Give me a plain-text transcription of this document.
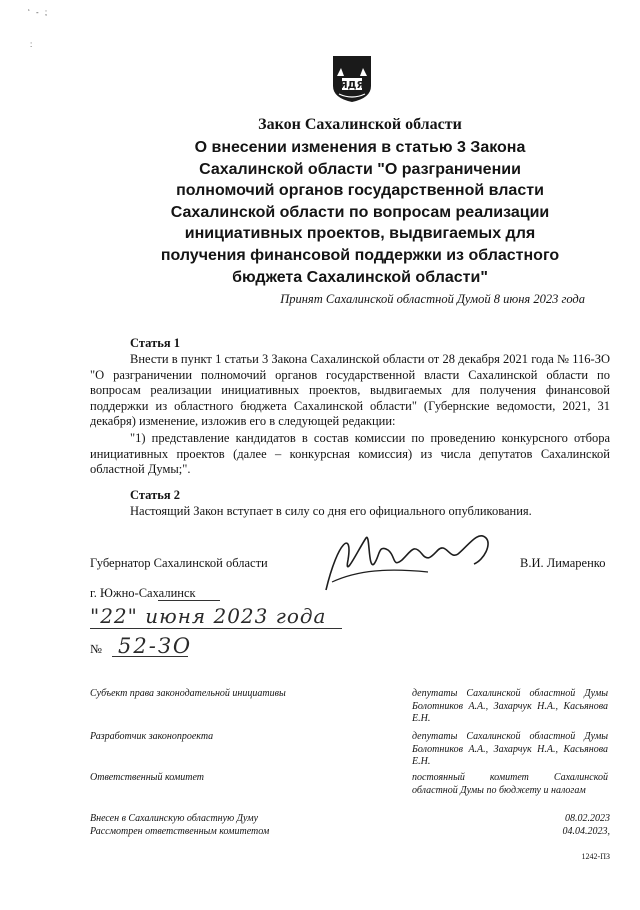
‘ - ;
:
ЯДЯ
Закон Сахалинской области
О внесении изменения в статью 3 Закона
Сахалинской области "О разграничении
полномочий органов государственной власти
Сахалинской области по вопросам реализации
инициативных проектов, выдвигаемых для
получения финансовой поддержки из областного
бюджета Сахалинской области"
Принят Сахалинской областной Думой 8 июня 2023 года
Статья 1
Внести в пункт 1 статьи 3 Закона Сахалинской области от 28 декабря 2021 года № 116-ЗО "О разграничении полномочий органов государственной власти Сахалинской области по вопросам реализации инициативных проектов, выдвигаемых для получения финансовой поддержки из областного бюджета Сахалинской области" (Губернские ведомости, 2021, 31 декабря) изменение, изложив его в следующей редакции:
"1) представление кандидатов в состав комиссии по проведению конкурсного отбора инициативных проектов (далее – конкурсная комиссия) из числа депутатов Сахалинской областной Думы;".
Статья 2
Настоящий Закон вступает в силу со дня его официального опубликования.
Губернатор Сахалинской области	В.И. Лимаренко
г. Южно-Сахалинск
"22" июня 2023 года
№ 52-ЗО
Субъект права законодательной инициативы	депутаты Сахалинской областной Думы Болотников А.А., Захарчук Н.А., Касьянова Е.Н.
Разработчик законопроекта	депутаты Сахалинской областной Думы Болотников А.А., Захарчук Н.А., Касьянова Е.Н.
Ответственный комитет	постоянный комитет Сахалинской областной Думы по бюджету и налогам
Внесен в Сахалинскую областную Думу	08.02.2023
Рассмотрен ответственным комитетом	04.04.2023,
1242-ПЗ
